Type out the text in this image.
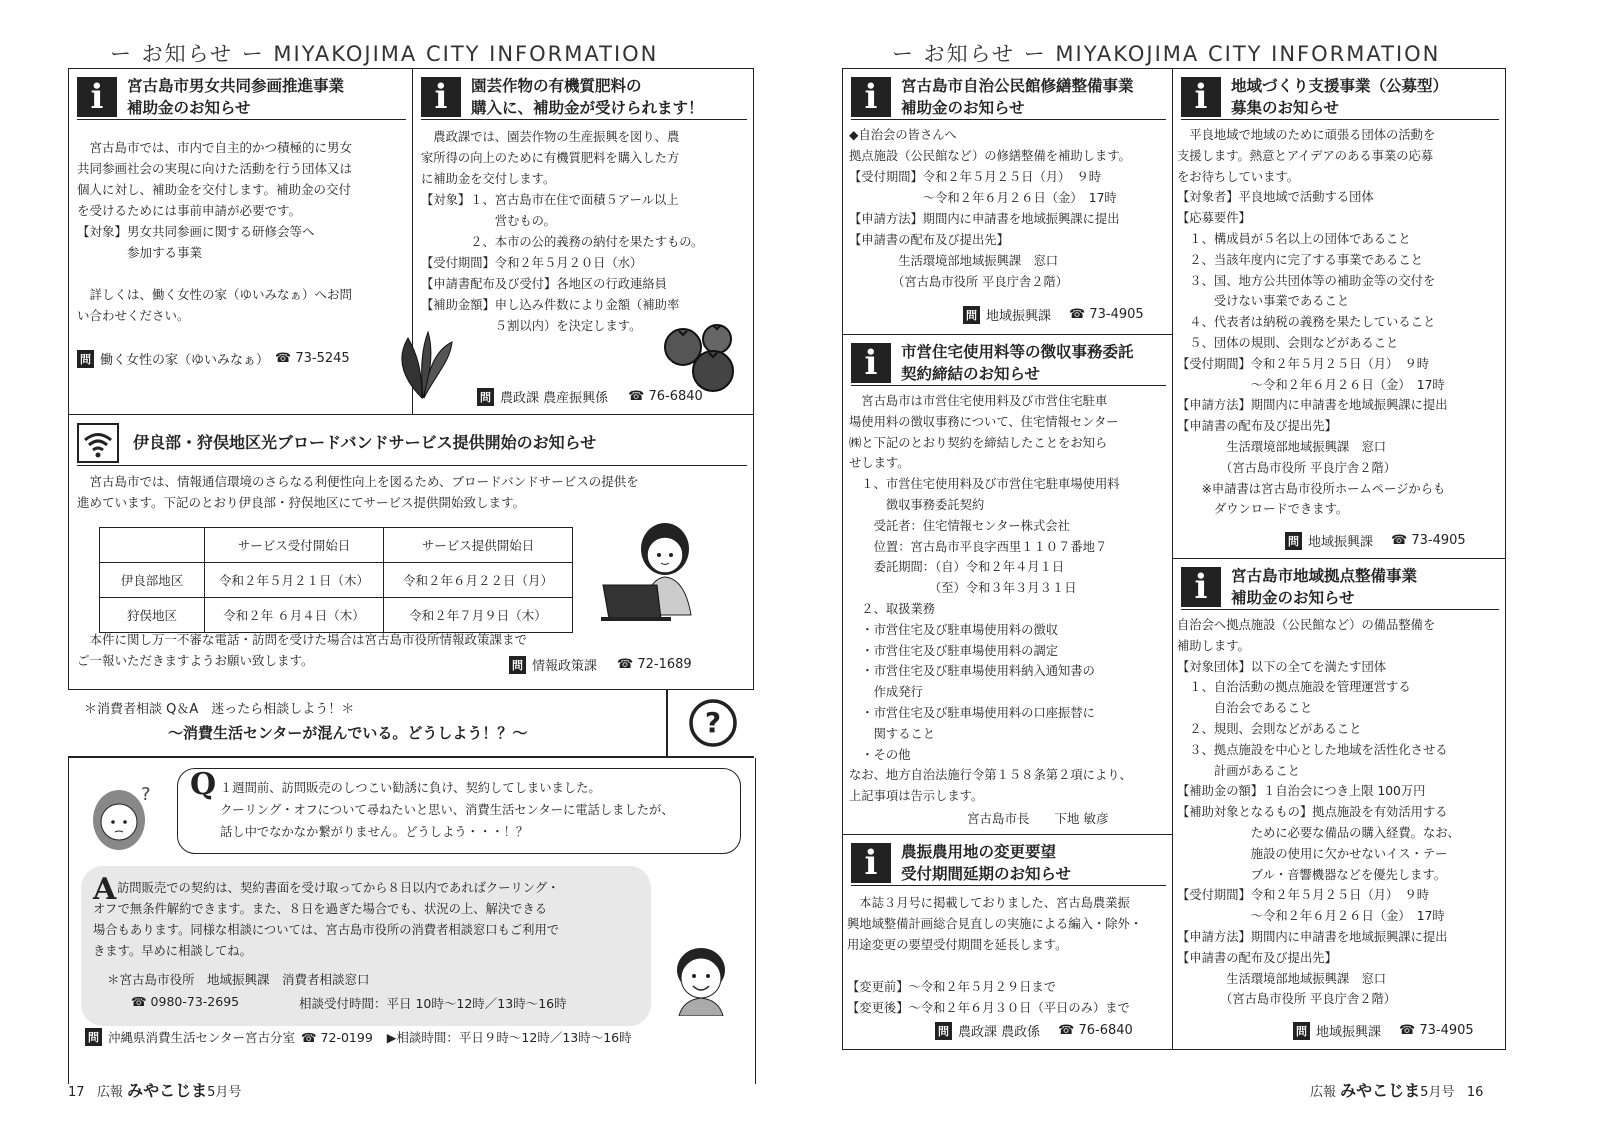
ー お知らせ ー MIYAKOJIMA CITY INFORMATION
i	宮古島市男女共同参画推進事業
補助金のお知らせ
　宮古島市では、市内で自主的かつ積極的に男女
共同参画社会の実現に向けた活動を行う団体又は
個人に対し、補助金を交付します。補助金の交付
を受けるためには事前申請が必要です。
【対象】男女共同参画に関する研修会等へ
　　　　参加する事業

　詳しくは、働く女性の家（ゆいみなぁ）へお問
い合わせください。
問 働く女性の家（ゆいみなぁ） ☎ 73-5245
i	園芸作物の有機質肥料の
購入に、補助金が受けられます！
　農政課では、園芸作物の生産振興を図り、農
家所得の向上のために有機質肥料を購入した方
に補助金を交付します。
【対象】１、宮古島市在住で面積５アール以上
　　　　　　営むもの。
　　　　２、本市の公的義務の納付を果たすもの。
【受付期間】令和２年５月２０日（水）
【申請書配布及び受付】各地区の行政連絡員
【補助金額】申し込み件数により金額（補助率
　　　　　　５割以内）を決定します。
問 農政課 農産振興係 ☎ 76-6840
伊良部・狩俣地区光ブロードバンドサービス提供開始のお知らせ
　宮古島市では、情報通信環境のさらなる利便性向上を図るため、ブロードバンドサービスの提供を
進めています。下記のとおり伊良部・狩俣地区にてサービス提供開始致します。
	サービス受付開始日	サービス提供開始日
伊良部地区	令和２年５月２１日（木）	令和２年６月２２日（月）
狩俣地区	令和２年 ６月４日（木）	令和２年７月９日（木）
　本件に関し万一不審な電話・訪問を受けた場合は宮古島市役所情報政策課まで
ご一報いただきますようお願い致します。	問 情報政策課 ☎ 72-1689
＊消費者相談 Q＆A　迷ったら相談しよう！＊
〜消費生活センターが混んでいる。どうしよう！？〜	?
? Q １週間前、訪問販売のしつこい勧誘に負け、契約してしまいました。
クーリング・オフについて尋ねたいと思い、消費生活センターに電話しましたが、
話し中でなかなか繋がりません。どうしよう・・・！？
A 訪問販売での契約は、契約書面を受け取ってから８日以内であればクーリング・
オフで無条件解約できます。また、８日を過ぎた場合でも、状況の上、解決できる
場合もあります。同様な相談については、宮古島市役所の消費者相談窓口もご利用で
きます。早めに相談してね。
＊宮古島市役所　地域振興課　消費者相談窓口
☎ 0980-73-2695	相談受付時間：平日 10時〜12時／13時〜16時
問 沖縄県消費生活センター宮古分室 ☎ 72-0199 ▶相談時間：平日９時〜12時／13時〜16時
17 広報 みやこじま5月号
ー お知らせ ー MIYAKOJIMA CITY INFORMATION
i	宮古島市自治公民館修繕整備事業
補助金のお知らせ
◆自治会の皆さんへ
拠点施設（公民館など）の修繕整備を補助します。
【受付期間】令和２年５月２５日（月）　９時
　　　　　　〜令和２年６月２６日（金）　17時
【申請方法】期間内に申請書を地域振興課に提出
【申請書の配布及び提出先】
　　　　生活環境部地域振興課　窓口
　　　　（宮古島市役所 平良庁舎２階）
問 地域振興課 ☎ 73-4905
i	市営住宅使用料等の徴収事務委託
契約締結のお知らせ
　宮古島市は市営住宅使用料及び市営住宅駐車
場使用料の徴収事務について、住宅情報センター
㈱と下記のとおり契約を締結したことをお知ら
せします。
　１、市営住宅使用料及び市営住宅駐車場使用料
　　　徴収事務委託契約
　　受託者：住宅情報センター株式会社
　　位置：宮古島市平良字西里１１０７番地７
　　委託期間：（自）令和２年４月１日
　　　　　　　（至）令和３年３月３１日
　２、取扱業務
　・市営住宅及び駐車場使用料の徴収
　・市営住宅及び駐車場使用料の調定
　・市営住宅及び駐車場使用料納入通知書の
　　作成発行
　・市営住宅及び駐車場使用料の口座振替に
　　関すること
　・その他
なお、地方自治法施行令第１５８条第２項により、
上記事項は告示します。
宮古島市長　　下地 敏彦
i	農振農用地の変更要望
受付期間延期のお知らせ
　本誌３月号に掲載しておりました、宮古島農業振
興地域整備計画総合見直しの実施による編入・除外・
用途変更の要望受付期間を延長します。

【変更前】〜令和２年５月２９日まで
【変更後】〜令和２年６月３０日（平日のみ）まで
問 農政課 農政係 ☎ 76-6840
i	地域づくり支援事業（公募型）
募集のお知らせ
　平良地域で地域のために頑張る団体の活動を
支援します。熱意とアイデアのある事業の応募
をお待ちしています。
【対象者】平良地域で活動する団体
【応募要件】
　１、構成員が５名以上の団体であること
　２、当該年度内に完了する事業であること
　３、国、地方公共団体等の補助金等の交付を
　　　受けない事業であること
　４、代表者は納税の義務を果たしていること
　５、団体の規則、会則などがあること
【受付期間】令和２年５月２５日（月）　９時
　　　　　　〜令和２年６月２６日（金）　17時
【申請方法】期間内に申請書を地域振興課に提出
【申請書の配布及び提出先】
　　　　生活環境部地域振興課　窓口
　　　　（宮古島市役所 平良庁舎２階）
　　※申請書は宮古島市役所ホームページからも
　　　ダウンロードできます。
問 地域振興課 ☎ 73-4905
i	宮古島市地域拠点整備事業
補助金のお知らせ
自治会へ拠点施設（公民館など）の備品整備を
補助します。
【対象団体】以下の全てを満たす団体
　１、自治活動の拠点施設を管理運営する
　　　自治会であること
　２、規則、会則などがあること
　３、拠点施設を中心とした地域を活性化させる
　　　計画があること
【補助金の額】１自治会につき上限 100万円
【補助対象となるもの】拠点施設を有効活用する
　　　　　　ために必要な備品の購入経費。なお、
　　　　　　施設の使用に欠かせないイス・テー
　　　　　　ブル・音響機器などを優先します。
【受付期間】令和２年５月２５日（月）　９時
　　　　　　〜令和２年６月２６日（金）　17時
【申請方法】期間内に申請書を地域振興課に提出
【申請書の配布及び提出先】
　　　　生活環境部地域振興課　窓口
　　　　（宮古島市役所 平良庁舎２階）
問 地域振興課 ☎ 73-4905
広報 みやこじま5月号 16
